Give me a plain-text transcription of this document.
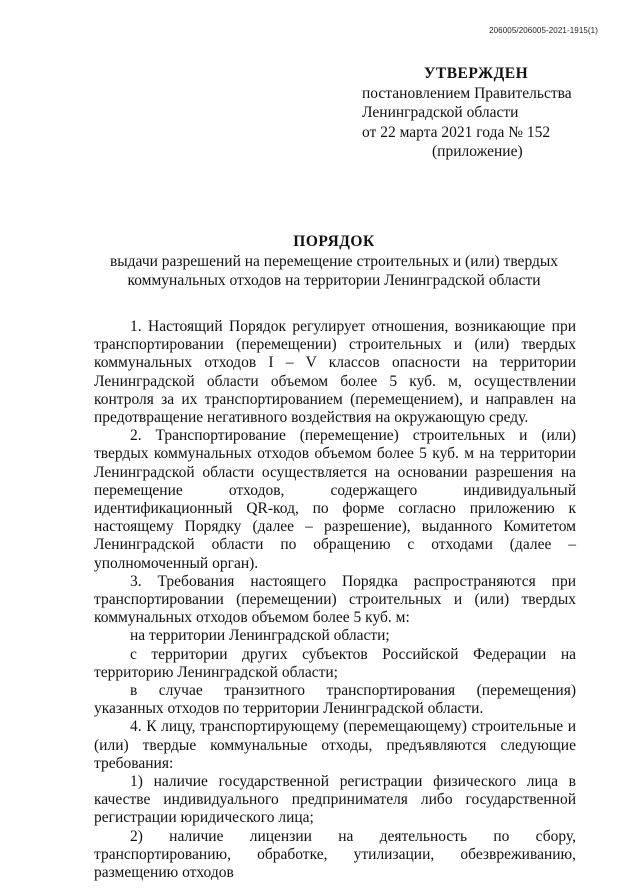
206005/206005-2021-1915(1)
УТВЕРЖДЕН
постановлением Правительства
Ленинградской области
от 22 марта 2021 года № 152
(приложение)
ПОРЯДОК
выдачи разрешений на перемещение строительных и (или) твердых
коммунальных отходов на территории Ленинградской области

1. Настоящий Порядок регулирует отношения, возникающие при транспортировании (перемещении) строительных и (или) твердых коммунальных отходов I – V классов опасности на территории Ленинградской области объемом более 5 куб. м, осуществлении контроля за их транспортированием (перемещением), и направлен на предотвращение негативного воздействия на окружающую среду.

2. Транспортирование (перемещение) строительных и (или) твердых коммунальных отходов объемом более 5 куб. м на территории Ленинградской области осуществляется на основании разрешения на перемещение отходов, содержащего индивидуальный идентификационный QR-код, по форме согласно приложению к настоящему Порядку (далее – разрешение), выданного Комитетом Ленинградской области по обращению с отходами (далее – уполномоченный орган).

3. Требования настоящего Порядка распространяются при транспортировании (перемещении) строительных и (или) твердых коммунальных отходов объемом более 5 куб. м:

на территории Ленинградской области;

с территории других субъектов Российской Федерации на территорию Ленинградской области;

в случае транзитного транспортирования (перемещения) указанных отходов по территории Ленинградской области.

4. К лицу, транспортирующему (перемещающему) строительные и (или) твердые коммунальные отходы, предъявляются следующие требования:

1) наличие государственной регистрации физического лица в качестве индивидуального предпринимателя либо государственной регистрации юридического лица;

2) наличие лицензии на деятельность по сбору, транспортированию, обработке, утилизации, обезвреживанию, размещению отходов
